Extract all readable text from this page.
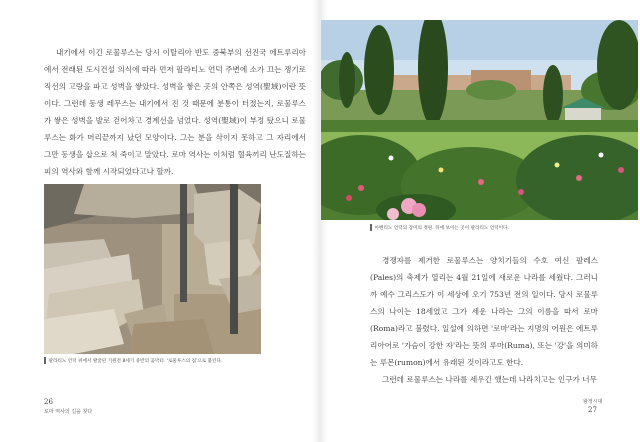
내기에서 이긴 로물루스는 당시 이탈리아 반도 중북부의 선진국 에트루리아에서 전래된 도시건설 의식에 따라 먼저 팔라티노 언덕 주변에 소가 끄는 쟁기로 직선의 고랑을 파고 성벽을 쌓았다. 성벽을 쌓은 곳의 안쪽은 성역(聖域)이란 뜻이다. 그런데 동생 레무스는 내기에서 진 것 때문에 분통이 터졌는지, 로물루스가 쌓은 성벽을 발로 걷어차고 경계선을 넘었다. 성역(聖域)이 부정 탔으니 로물루스는 화가 머리끝까지 났던 모양이다. 그는 분을 삭이지 못하고 그 자리에서 그만 동생을 삽으로 쳐 죽이고 말았다. 로마 역사는 이처럼 혈육끼리 난도질하는 피의 역사와 함께 시작되었다고나 할까.

팔라티노 언덕 위에서 발굴된 기원전 8세기 중반의 움막터. '로물루스의 집'으로 불린다.
26
로마 역사의 길을 찾다
아벤티노 언덕의 장미의 정원. 뒤에 보이는 곳이 팔라티노 언덕이다.

경쟁자를 제거한 로물루스는 양치기들의 수호 여신 팔레스(Pales)의 축제가 열리는 4월 21일에 새로운 나라를 세웠다. 그러니까 예수 그리스도가 이 세상에 오기 753년 전의 일이다. 당시 로물루스의 나이는 18세였고 그가 세운 나라는 그의 이름을 따서 로마(Roma)라고 불렸다. 일설에 의하면 '로마'라는 지명의 어원은 에트루리아어로 '가슴이 강한 자'라는 뜻의 루마(Ruma), 또는 '강'을 의미하는 루몬(rumon)에서 유래된 것이라고도 한다.

그런데 로물루스는 나라를 세우긴 했는데 나라치고는 인구가 너무

왕정시대
27
